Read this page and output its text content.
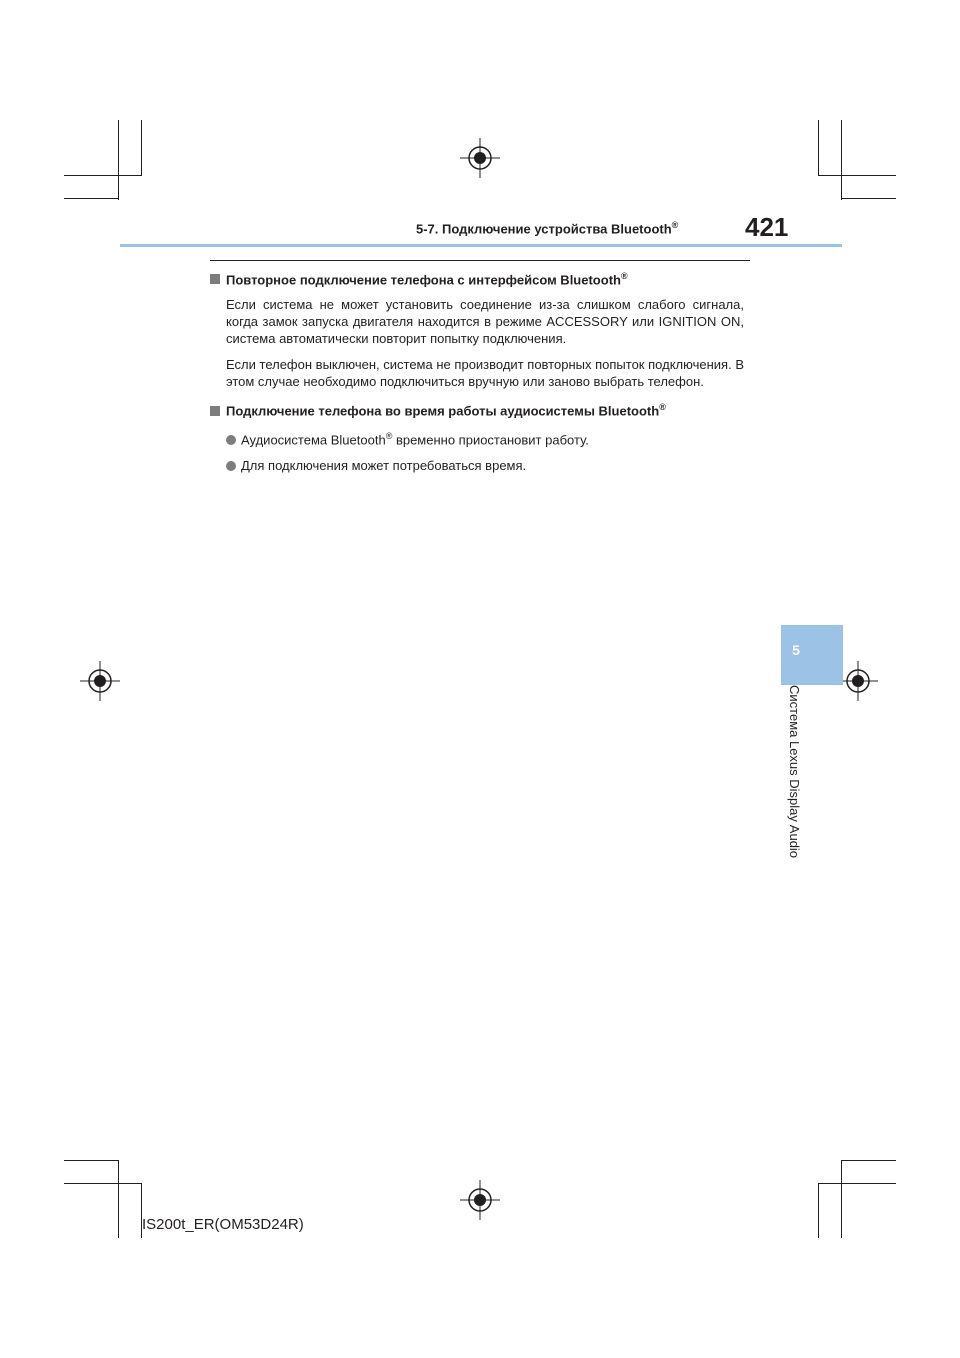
5-7. Подключение устройства Bluetooth®	421
Повторное подключение телефона с интерфейсом Bluetooth®

Если система не может установить соединение из-за слишком слабого сигнала, когда замок запуска двигателя находится в режиме ACCESSORY или IGNITION ON, система автоматически повторит попытку подключения.

Если телефон выключен, система не производит повторных попыток подключения. В этом случае необходимо подключиться вручную или заново выбрать телефон.

Подключение телефона во время работы аудиосистемы Bluetooth®
Аудиосистема Bluetooth® временно приостановит работу.
Для подключения может потребоваться время.
5
Система Lexus Display Audio
IS200t_ER(OM53D24R)
